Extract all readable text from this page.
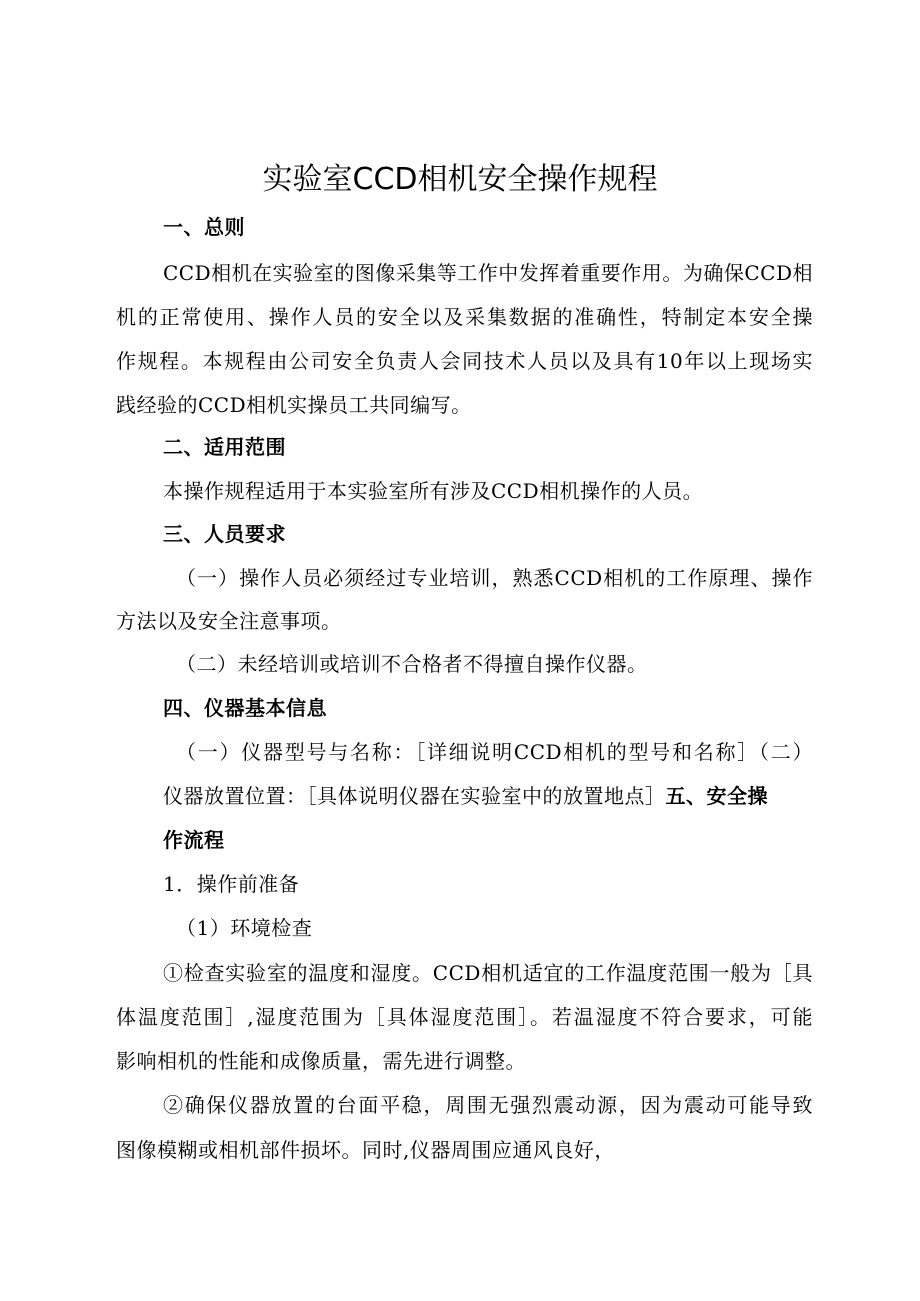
实验室CCD相机安全操作规程
一、总则
CCD相机在实验室的图像采集等工作中发挥着重要作用。为确保CCD相
机的正常使用、操作人员的安全以及采集数据的准确性，特制定本安全操
作规程。本规程由公司安全负责人会同技术人员以及具有10年以上现场实
践经验的CCD相机实操员工共同编写。
二、适用范围
本操作规程适用于本实验室所有涉及CCD相机操作的人员。
三、人员要求
（一）操作人员必须经过专业培训，熟悉CCD相机的工作原理、操作
方法以及安全注意事项。
（二）未经培训或培训不合格者不得擅自操作仪器。
四、仪器基本信息
（一）仪器型号与名称：［详细说明CCD相机的型号和名称］（二）
仪器放置位置：［具体说明仪器在实验室中的放置地点］五、安全操
作流程
1．操作前准备
（1）环境检查
①检查实验室的温度和湿度。CCD相机适宜的工作温度范围一般为［具
体温度范围］,湿度范围为［具体湿度范围］。若温湿度不符合要求，可能
影响相机的性能和成像质量，需先进行调整。
②确保仪器放置的台面平稳，周围无强烈震动源，因为震动可能导致
图像模糊或相机部件损坏。同时,仪器周围应通风良好，
